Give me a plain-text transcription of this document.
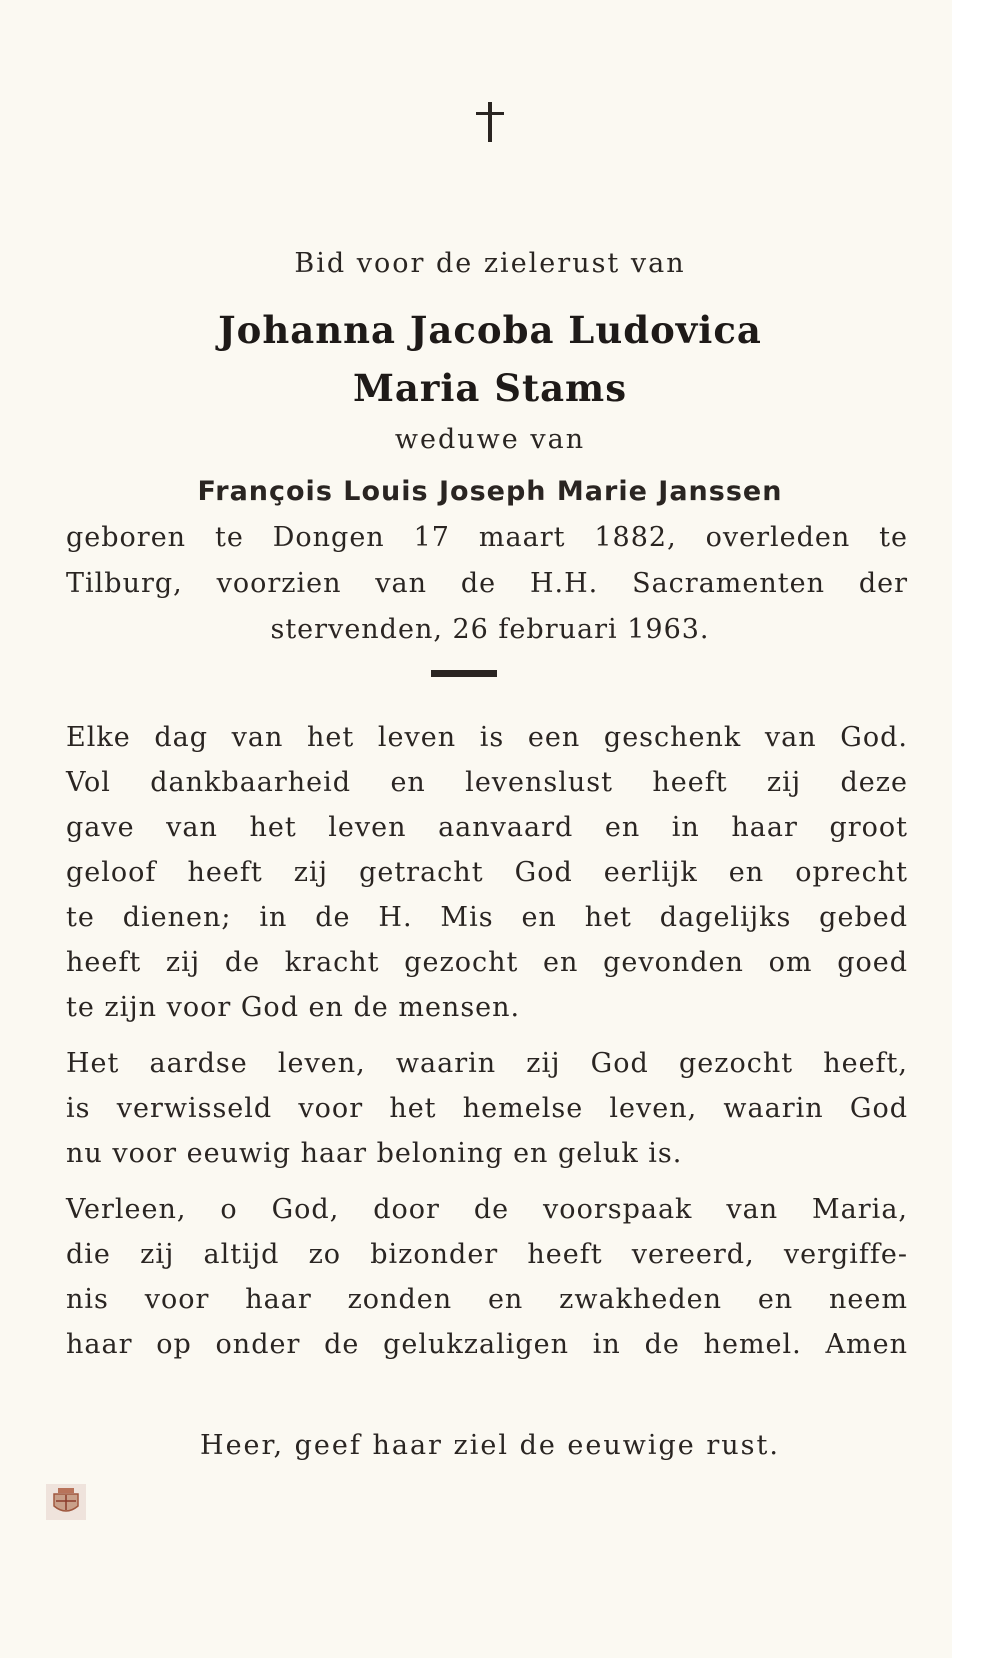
Bid voor de zielerust van
Johanna Jacoba Ludovica
Maria Stams
weduwe van
François Louis Joseph Marie Janssen
geboren te Dongen 17 maart 1882, overleden te
Tilburg, voorzien van de H.H. Sacramenten der
stervenden, 26 februari 1963.
Elke dag van het leven is een geschenk van God.
Vol dankbaarheid en levenslust heeft zij deze
gave van het leven aanvaard en in haar groot
geloof heeft zij getracht God eerlijk en oprecht
te dienen; in de H. Mis en het dagelijks gebed
heeft zij de kracht gezocht en gevonden om goed
te zijn voor God en de mensen.
Het aardse leven, waarin zij God gezocht heeft,
is verwisseld voor het hemelse leven, waarin God
nu voor eeuwig haar beloning en geluk is.
Verleen, o God, door de voorspaak van Maria,
die zij altijd zo bizonder heeft vereerd, vergiffe-
nis voor haar zonden en zwakheden en neem
haar op onder de gelukzaligen in de hemel. Amen
Heer, geef haar ziel de eeuwige rust.
